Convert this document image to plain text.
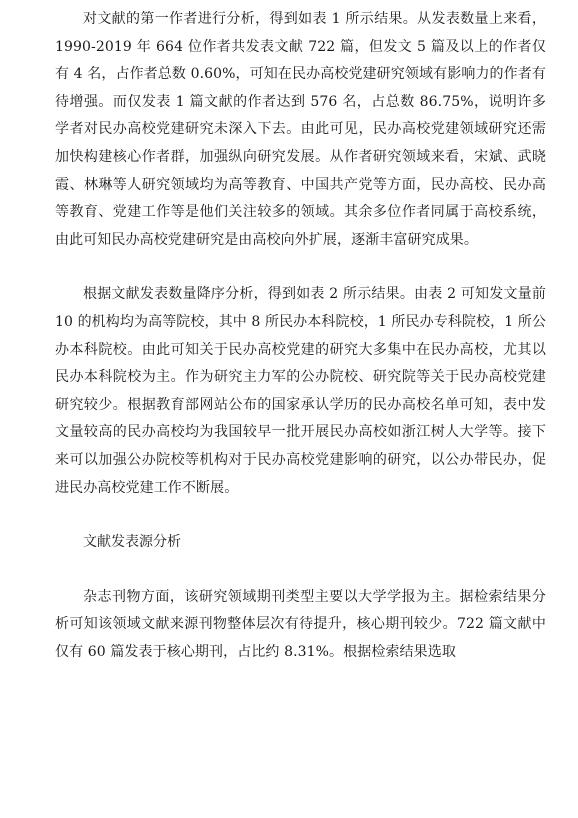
对文献的第一作者进行分析，得到如表 1 所示结果。从发表数量上来看，1990-2019 年 664 位作者共发表文献 722 篇，但发文 5 篇及以上的作者仅有 4 名，占作者总数 0.60%，可知在民办高校党建研究领域有影响力的作者有待增强。而仅发表 1 篇文献的作者达到 576 名，占总数 86.75%，说明许多学者对民办高校党建研究未深入下去。由此可见，民办高校党建领域研究还需加快构建核心作者群，加强纵向研究发展。从作者研究领域来看，宋斌、武晓霞、林琳等人研究领域均为高等教育、中国共产党等方面，民办高校、民办高等教育、党建工作等是他们关注较多的领域。其余多位作者同属于高校系统，由此可知民办高校党建研究是由高校向外扩展，逐渐丰富研究成果。

根据文献发表数量降序分析，得到如表 2 所示结果。由表 2 可知发文量前 10 的机构均为高等院校，其中 8 所民办本科院校，1 所民办专科院校，1 所公办本科院校。由此可知关于民办高校党建的研究大多集中在民办高校，尤其以民办本科院校为主。作为研究主力军的公办院校、研究院等关于民办高校党建研究较少。根据教育部网站公布的国家承认学历的民办高校名单可知，表中发文量较高的民办高校均为我国较早一批开展民办高校如浙江树人大学等。接下来可以加强公办院校等机构对于民办高校党建影响的研究，以公办带民办，促进民办高校党建工作不断展。

文献发表源分析

杂志刊物方面，该研究领域期刊类型主要以大学学报为主。据检索结果分析可知该领域文献来源刊物整体层次有待提升，核心期刊较少。722 篇文献中仅有 60 篇发表于核心期刊，占比约 8.31%。根据检索结果选取
